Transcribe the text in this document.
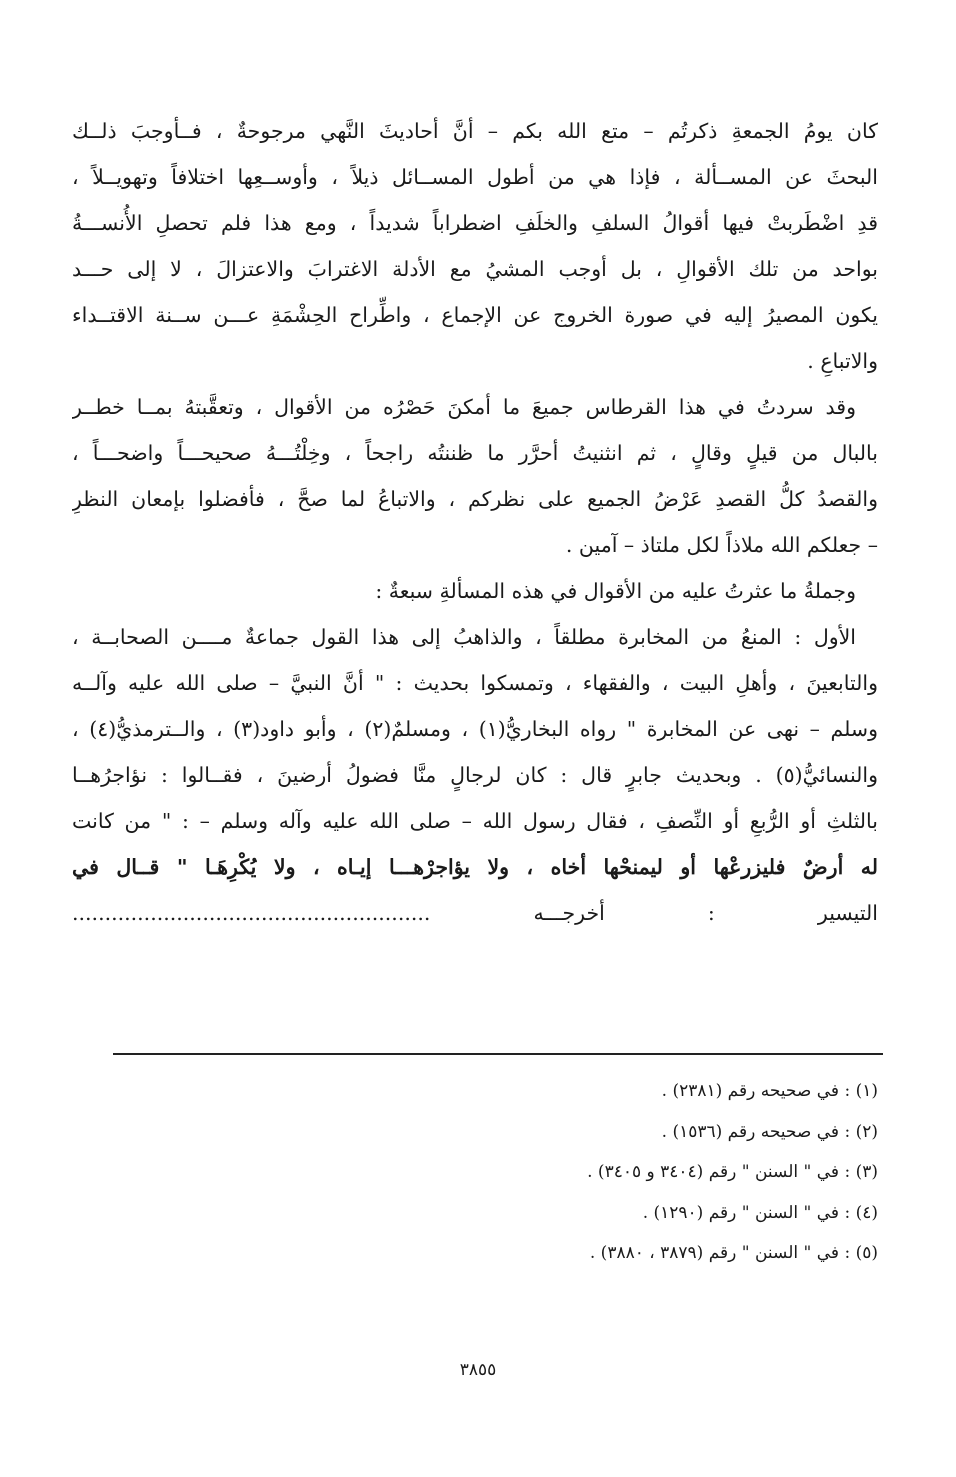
كان يومُ الجمعةِ ذكرتُم – متع الله بكم – أنَّ أحاديثَ النَّهي مرجوحةٌ ، فــأوجبَ ذلــك
البحثَ عن المســألة ، فإذا هي من أطول المســائل ذيلاً ، وأوســعِها اختلافاً وتهويــلاً ،
قدِ اضْطَربتْ فيها أقوالُ السلفِ والخلَفِ اضطراباً شديداً ، ومع هذا فلم تحصلِ الأُنســـةُ
بواحد من تلك الأقوالِ ، بل أوجب المشيُ مع الأدلة الاغترابَ والاعتزالَ ، لا إلى حـــد
يكون المصيرُ إليه في صورة الخروج عن الإجماع ، واطِّراح الحِشْمَةِ عـــن ســنة الاقتــداء
والاتباعِ .
وقد سردتُ في هذا القرطاس جميعَ ما أمكنَ حَصْرُه من الأقوال ، وتعقَّبتهُ بمــا خطــر
بالبال من قيلٍ وقالٍ ، ثم انثنيتُ أحرَّر ما ظننتُه راجحاً ، وخِلْتُـــهُ صحيحـــاً واضحـــاً ،
والقصدُ كلُّ القصدِ عَرْضُ الجميع على نظركم ، والاتباعُ لما صحَّ ، فأفضلوا بإمعان النظرِ
– جعلكم الله ملاذاً لكل ملتاذ – آمين .
وجملةُ ما عثرتُ عليه من الأقوال في هذه المسألةِ سبعةٌ :
الأول : المنعُ من المخابرة مطلقاً ، والذاهبُ إلى هذا القول جماعةٌ مــــن الصحابــة ،
والتابعينَ ، وأهلِ البيت ، والفقهاء ، وتمسكوا بحديث : " أنَّ النبيَّ – صلى الله عليه وآلــه
وسلم – نهى عن المخابرة " رواه البخاريُّ(١) ، ومسلمٌ(٢) ، وأبو داود(٣) ، والــترمذيُّ(٤) ،
والنسائيُّ(٥) . وبحديث جابرٍ قال : كان لرجالٍ منَّا فضولُ أرضينَ ، فقــالوا : نؤاجرُهــا
بالثلثِ أو الرُّبعِ أو النِّصفِ ، فقال رسول الله – صلى الله عليه وآله وسلم – : " من كانت
له أرضٌ فليزرعْها أو ليمنحْها أخاه ، ولا يؤاجرْهـــا إيـاه ، ولا يُكْرِهَـا " قــال في
التيسير : أخرجـــه .......................................................
(١) : في صحيحه رقم (٢٣٨١) .
(٢) : في صحيحه رقم (١٥٣٦) .
(٣) : في " السنن " رقم (٣٤٠٤ و ٣٤٠٥) .
(٤) : في " السنن " رقم (١٢٩٠) .
(٥) : في " السنن " رقم (٣٨٧٩ ، ٣٨٨٠) .
٣٨٥٥
